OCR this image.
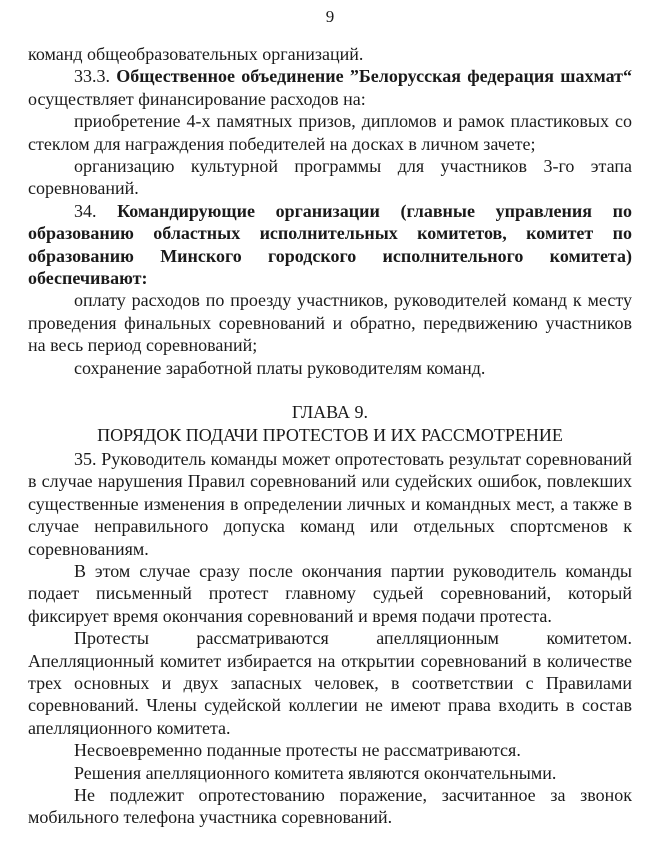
9

команд общеобразовательных организаций.

33.3. Общественное объединение ”Белорусская федерация шахмат“ осуществляет финансирование расходов на:

приобретение 4-х памятных призов, дипломов и рамок пластиковых со стеклом для награждения победителей на досках в личном зачете;

организацию культурной программы для участников 3-го этапа соревнований.

34. Командирующие организации (главные управления по образованию областных исполнительных комитетов, комитет по образованию Минского городского исполнительного комитета) обеспечивают:

оплату расходов по проезду участников, руководителей команд к месту проведения финальных соревнований и обратно, передвижению участников на весь период соревнований;

сохранение заработной платы руководителям команд.

ГЛАВА 9.

ПОРЯДОК ПОДАЧИ ПРОТЕСТОВ И ИХ РАССМОТРЕНИЕ

35. Руководитель команды может опротестовать результат соревнований в случае нарушения Правил соревнований или судейских ошибок, повлекших существенные изменения в определении личных и командных мест, а также в случае неправильного допуска команд или отдельных спортсменов к соревнованиям.

В этом случае сразу после окончания партии руководитель команды подает письменный протест главному судьей соревнований, который фиксирует время окончания соревнований и время подачи протеста.

Протесты рассматриваются апелляционным комитетом. Апелляционный комитет избирается на открытии соревнований в количестве трех основных и двух запасных человек, в соответствии с Правилами соревнований. Члены судейской коллегии не имеют права входить в состав апелляционного комитета.

Несвоевременно поданные протесты не рассматриваются.

Решения апелляционного комитета являются окончательными.

Не подлежит опротестованию поражение, засчитанное за звонок мобильного телефона участника соревнований.
